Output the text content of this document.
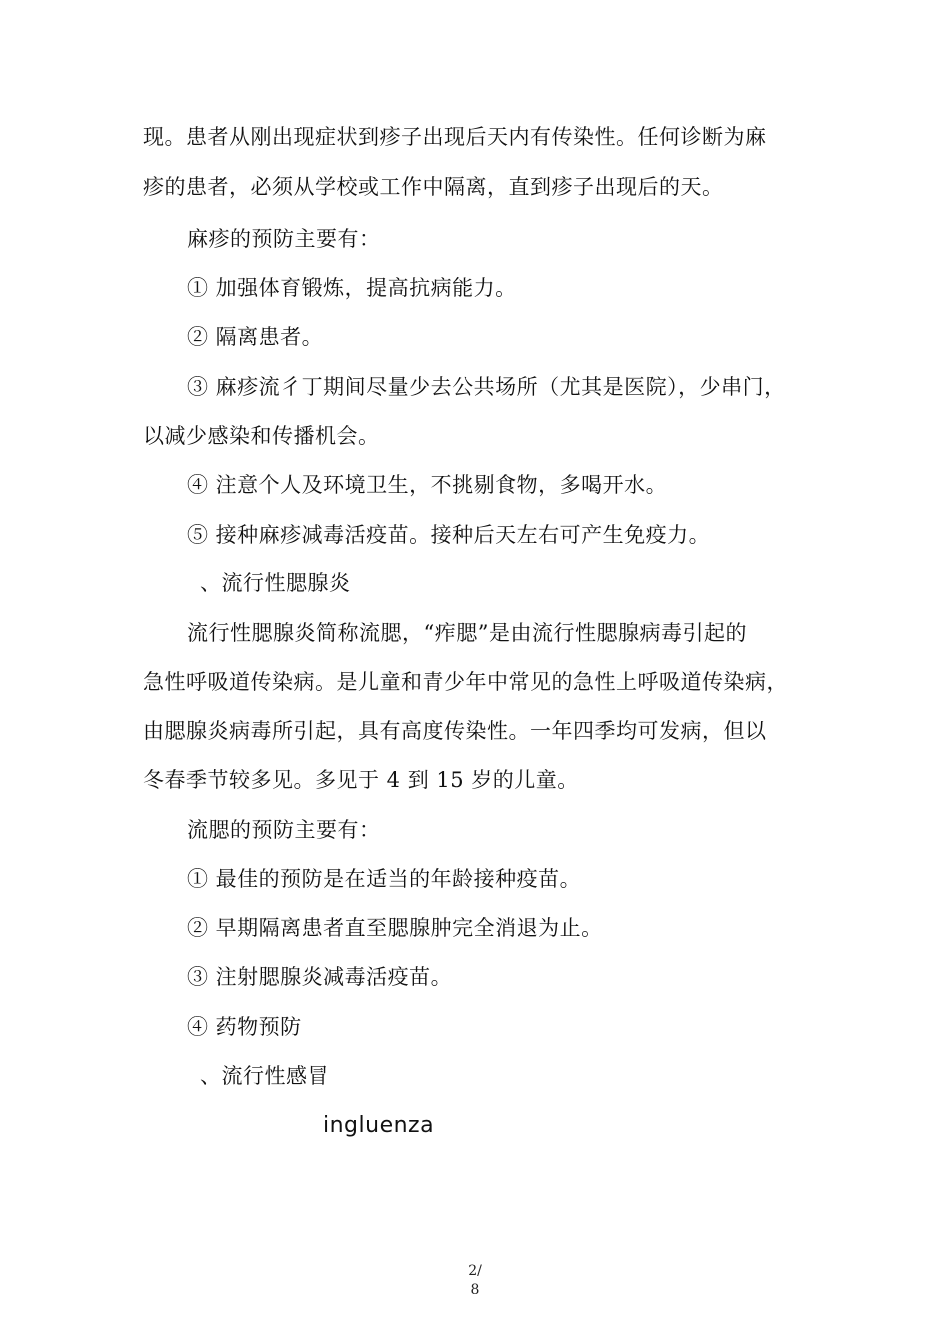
现。患者从刚出现症状到疹子出现后天内有传染性。任何诊断为麻
疹的患者，必须从学校或工作中隔离，直到疹子出现后的天。
麻疹的预防主要有：
① 加强体育锻炼，提高抗病能力。
② 隔离患者。
③ 麻疹流彳丁期间尽量少去公共场所（尤其是医院），少串门，
以减少感染和传播机会。
④ 注意个人及环境卫生，不挑剔食物，多喝开水。
⑤ 接种麻疹减毒活疫苗。接种后天左右可产生免疫力。
、流行性腮腺炎
流行性腮腺炎简称流腮，“痄腮”是由流行性腮腺病毒引起的
急性呼吸道传染病。是儿童和青少年中常见的急性上呼吸道传染病，
由腮腺炎病毒所引起，具有高度传染性。一年四季均可发病，但以
冬春季节较多见。多见于 4 到 15 岁的儿童。
流腮的预防主要有：
① 最佳的预防是在适当的年龄接种疫苗。
② 早期隔离患者直至腮腺肿完全消退为止。
③ 注射腮腺炎减毒活疫苗。
④ 药物预防
、流行性感冒
ingluenza
2/
8
